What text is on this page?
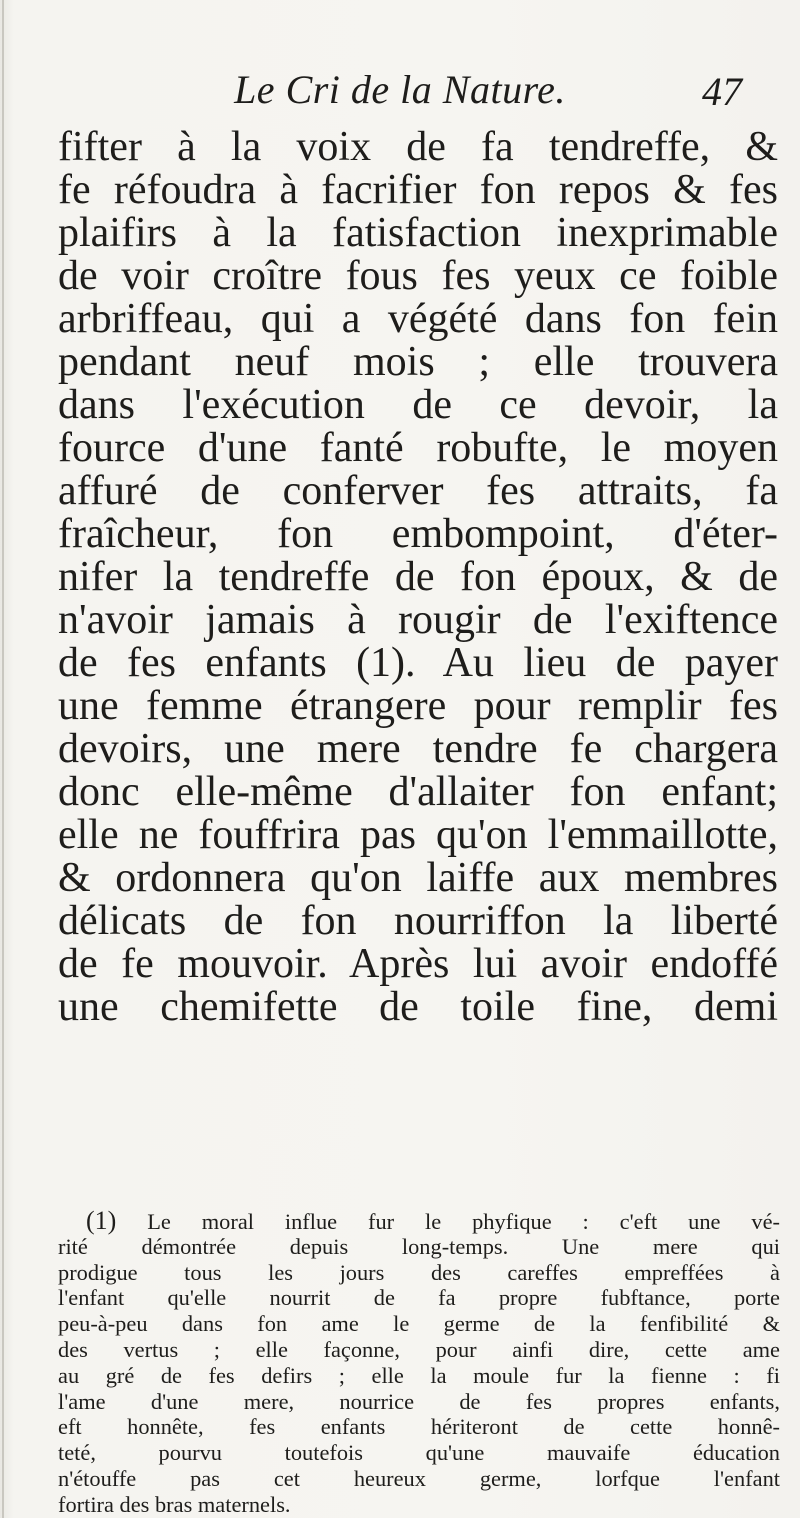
Le Cri de la Nature.	47
fifter à la voix de fa tendreffe, &
fe réfoudra à facrifier fon repos & fes
plaifirs à la fatisfaction inexprimable
de voir croître fous fes yeux ce foible
arbriffeau, qui a végété dans fon fein
pendant neuf mois ; elle trouvera
dans l'exécution de ce devoir, la
fource d'une fanté robufte, le moyen
affuré de conferver fes attraits, fa
fraîcheur, fon embompoint, d'éter-
nifer la tendreffe de fon époux, & de
n'avoir jamais à rougir de l'exiftence
de fes enfants (1). Au lieu de payer
une femme étrangere pour remplir fes
devoirs, une mere tendre fe chargera
donc elle-même d'allaiter fon enfant;
elle ne fouffrira pas qu'on l'emmaillotte,
& ordonnera qu'on laiffe aux membres
délicats de fon nourriffon la liberté
de fe mouvoir. Après lui avoir endoffé
une chemifette de toile fine, demi
(1) Le moral influe fur le phyfique : c'eft une vé-
rité démontrée depuis long-temps. Une mere qui
prodigue tous les jours des careffes empreffées à
l'enfant qu'elle nourrit de fa propre fubftance, porte
peu-à-peu dans fon ame le germe de la fenfibilité &
des vertus ; elle façonne, pour ainfi dire, cette ame
au gré de fes defirs ; elle la moule fur la fienne : fi
l'ame d'une mere, nourrice de fes propres enfants,
eft honnête, fes enfants hériteront de cette honnê-
teté, pourvu toutefois qu'une mauvaife éducation
n'étouffe pas cet heureux germe, lorfque l'enfant
fortira des bras maternels.
